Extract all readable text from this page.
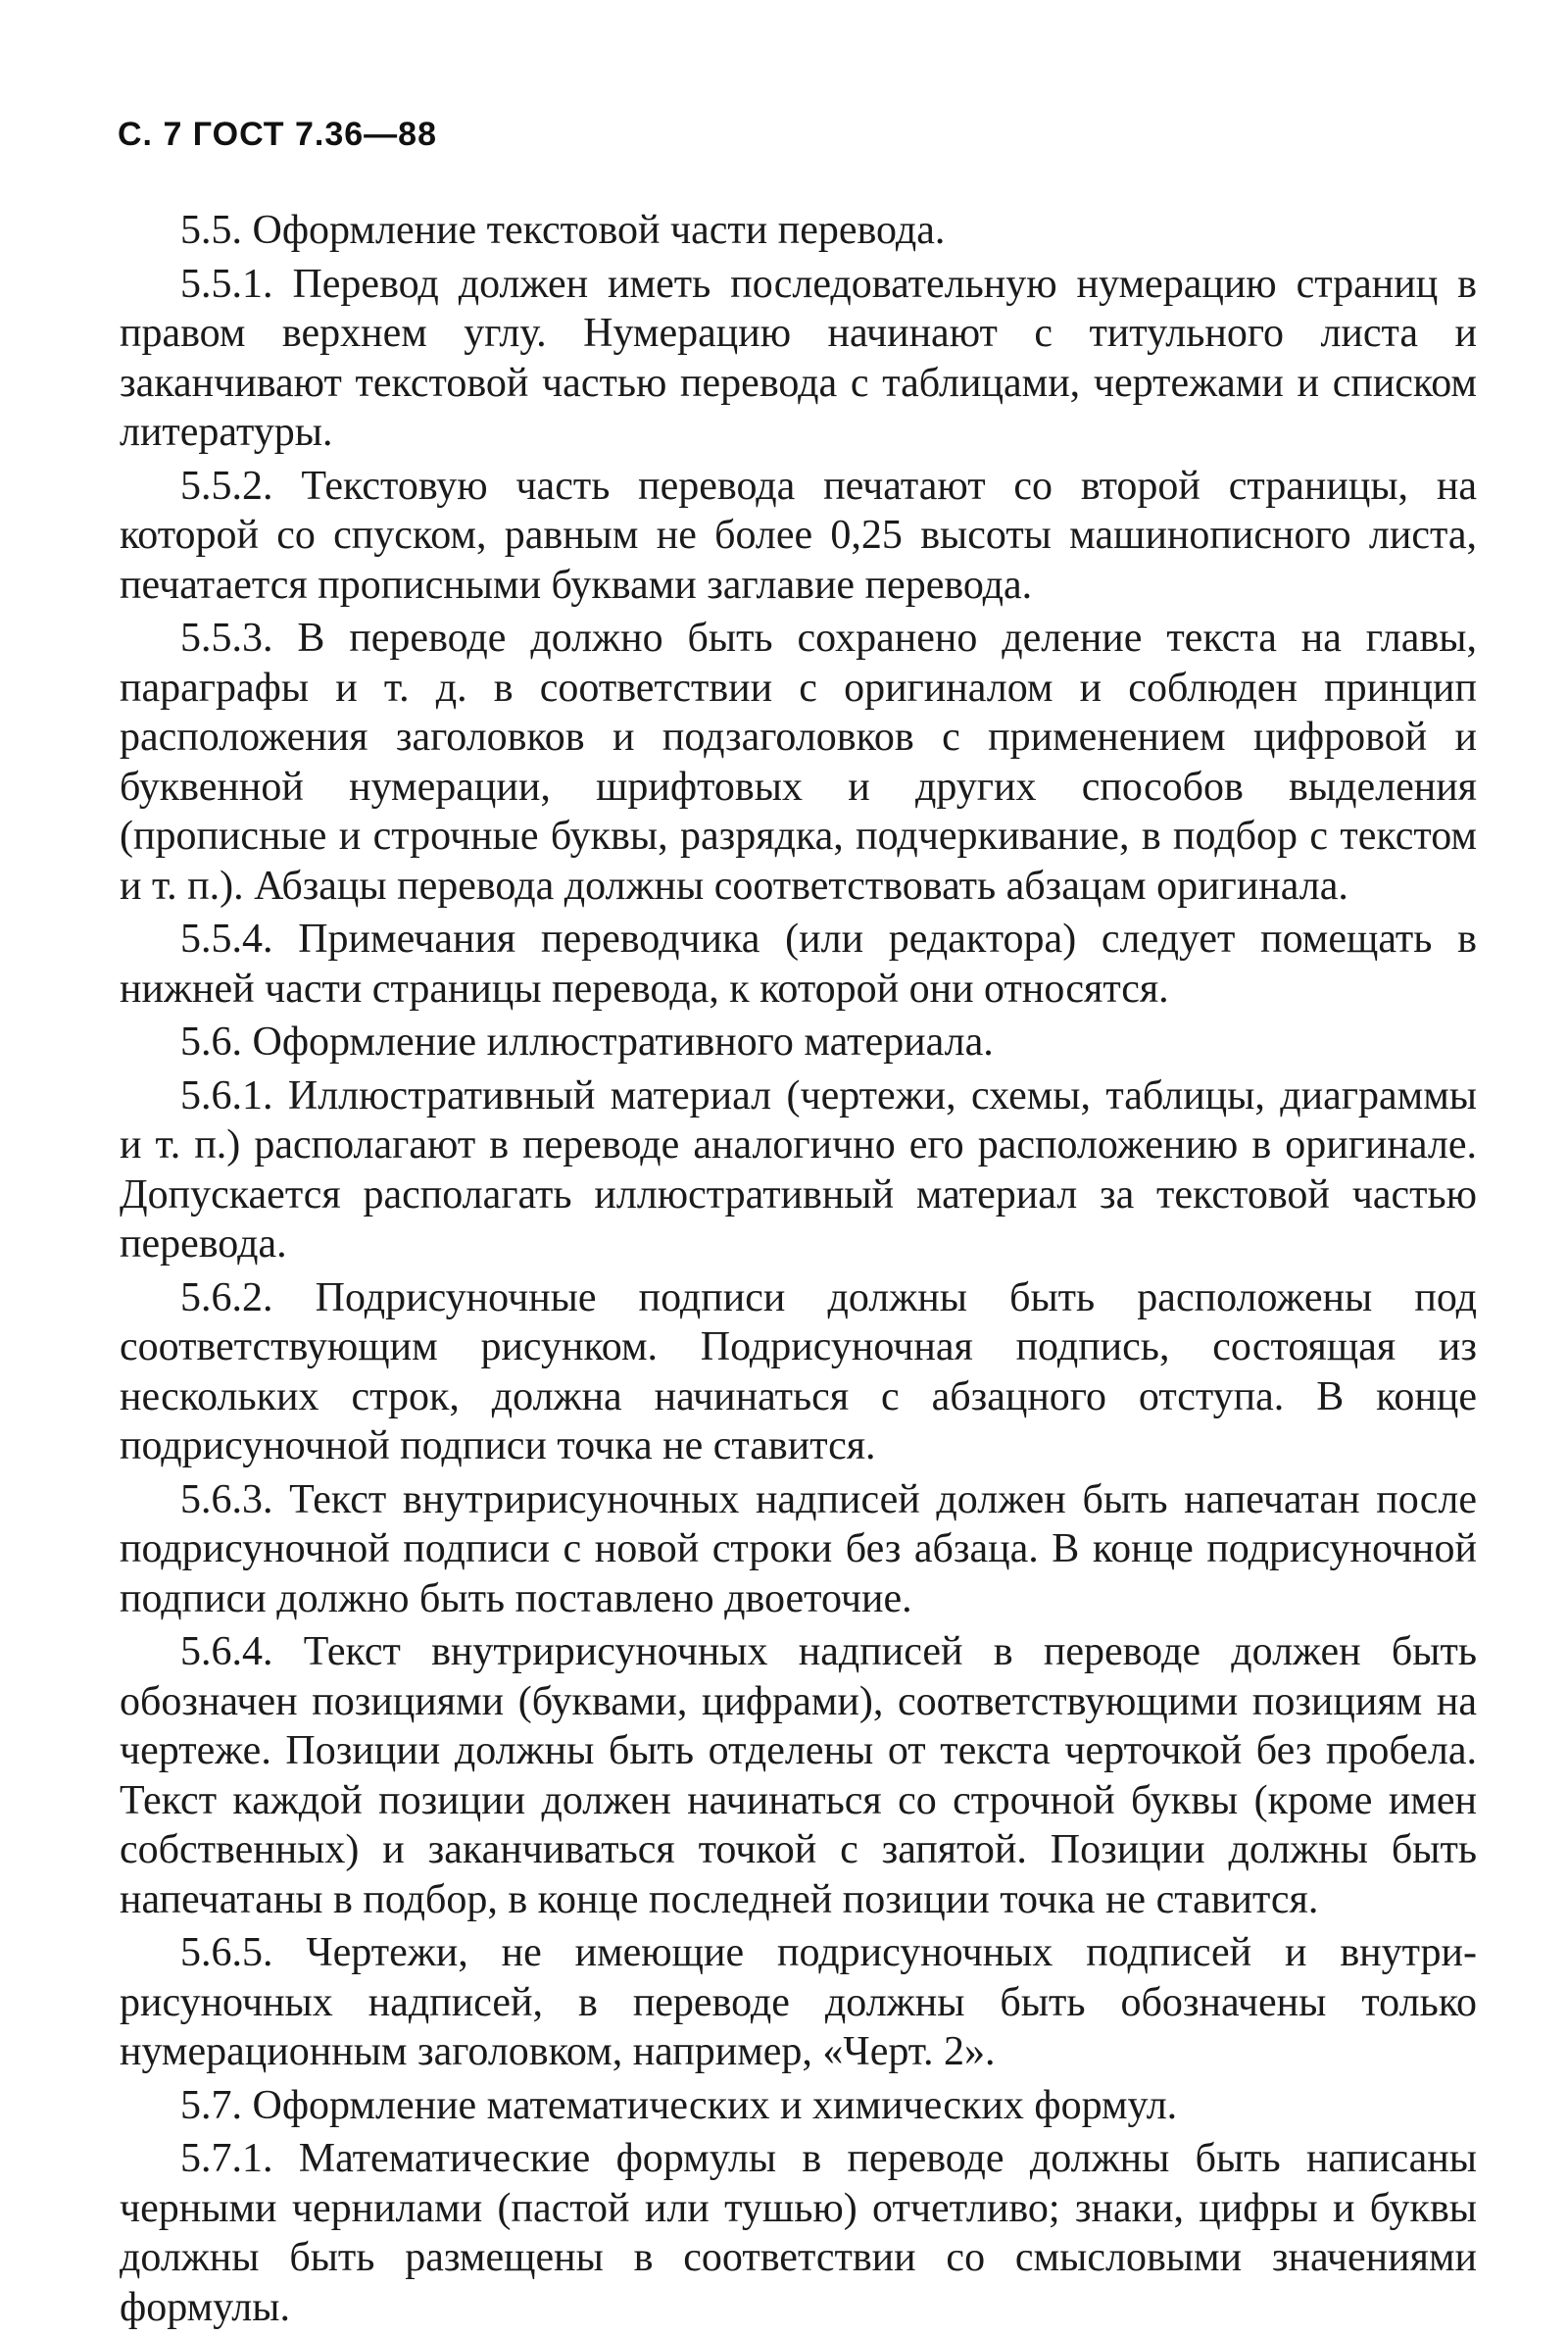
С. 7 ГОСТ 7.36—88

5.5. Оформление текстовой части перевода.

5.5.1. Перевод должен иметь последовательную нумерацию страниц в правом верхнем углу. Нумерацию начинают с титульного листа и заканчивают текстовой частью перевода с таблицами, чертежами и списком литературы.

5.5.2. Текстовую часть перевода печатают со второй страницы, на которой со спуском, равным не более 0,25 высоты машинописного листа, печатается прописными буквами заглавие перевода.

5.5.3. В переводе должно быть сохранено деление текста на главы, параграфы и т. д. в соответствии с оригиналом и соблюден принцип расположения заголовков и подзаголовков с применением цифровой и буквенной нумерации, шрифтовых и других способов выделения (прописные и строчные буквы, разрядка, подчеркивание, в подбор с текстом и т. п.). Абзацы перевода должны соответствовать абзацам оригинала.

5.5.4. Примечания переводчика (или редактора) следует помещать в нижней части страницы перевода, к которой они относятся.

5.6. Оформление иллюстративного материала.

5.6.1. Иллюстративный материал (чертежи, схемы, таблицы, диаграммы и т. п.) располагают в переводе аналогично его расположению в оригинале. Допускается располагать иллюстративный материал за текстовой частью перевода.

5.6.2. Подрисуночные подписи должны быть расположены под соответствующим рисунком. Подрисуночная подпись, состоящая из нескольких строк, должна начинаться с абзацного отступа. В конце подрисуночной подписи точка не ставится.

5.6.3. Текст внутририсуночных надписей должен быть напечатан после подрисуночной подписи с новой строки без абзаца. В конце подрисуночной подписи должно быть поставлено двоеточие.

5.6.4. Текст внутририсуночных надписей в переводе должен быть обозначен позициями (буквами, цифрами), соответствующими позициям на чертеже. Позиции должны быть отделены от текста черточкой без пробела. Текст каждой позиции должен начинаться со строчной буквы (кроме имен собственных) и заканчиваться точкой с запятой. Позиции должны быть напечатаны в подбор, в конце последней позиции точка не ставится.

5.6.5. Чертежи, не имеющие подрисуночных подписей и внутририсуночных надписей, в переводе должны быть обозначены только нумерационным заголовком, например, «Черт. 2».

5.7. Оформление математических и химических формул.

5.7.1. Математические формулы в переводе должны быть написаны черными чернилами (пастой или тушью) отчетливо; знаки, цифры и буквы должны быть размещены в соответствии со смысловыми значениями формулы.
